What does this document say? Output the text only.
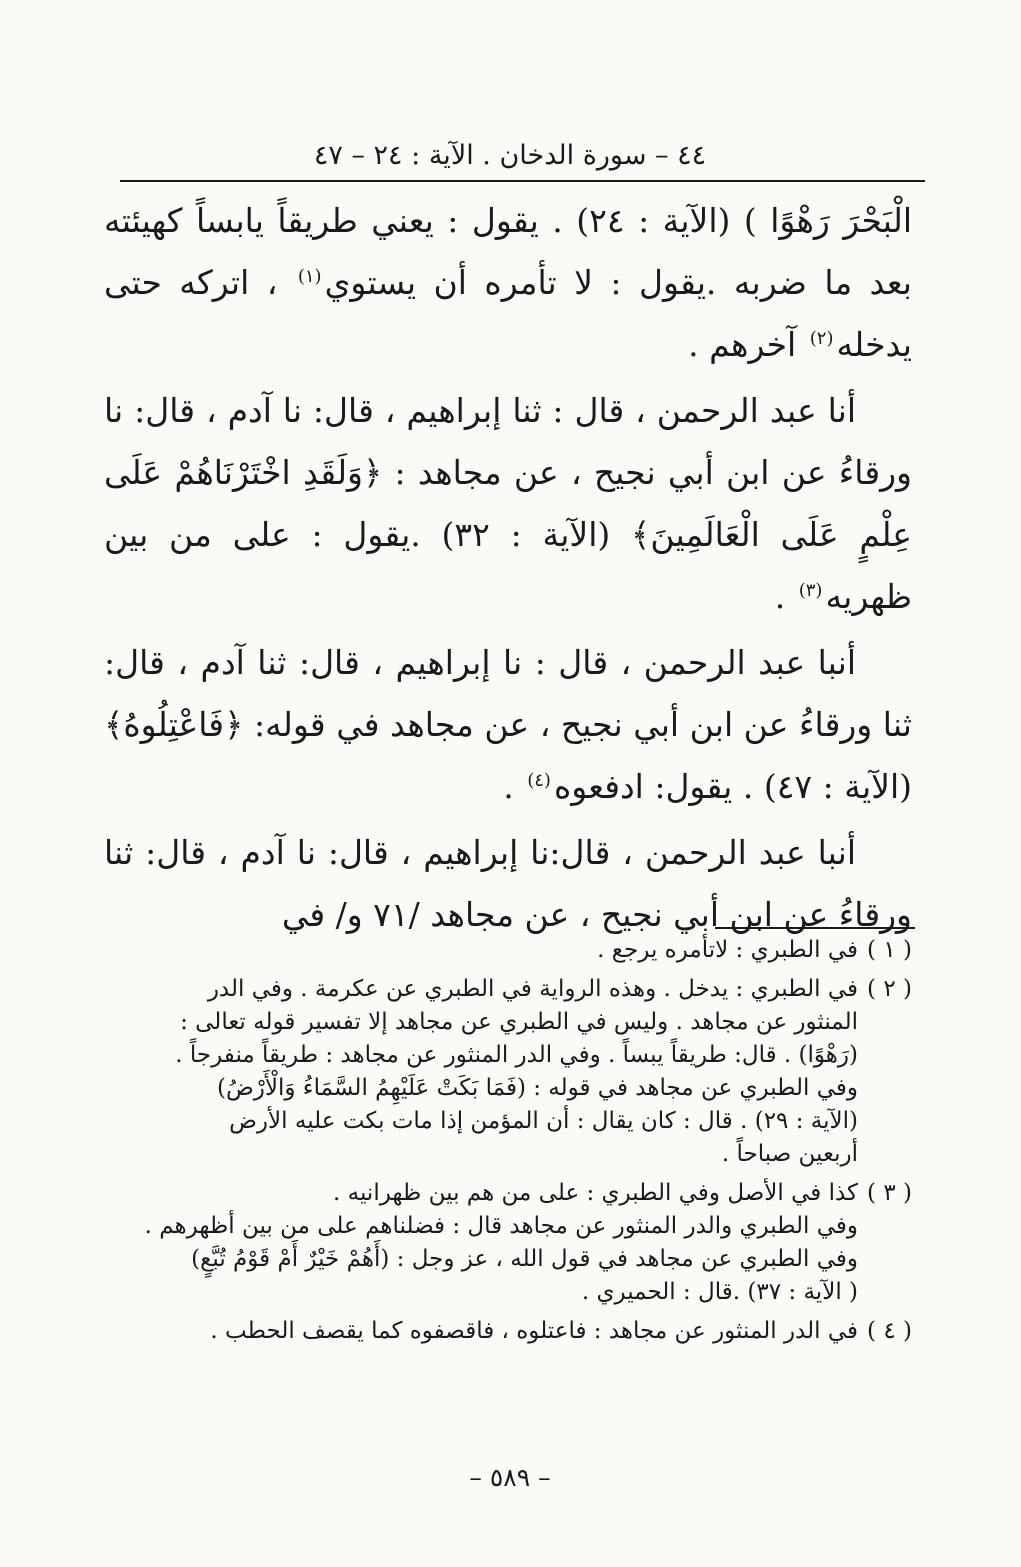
٤٤ – سورة الدخان . الآية : ٢٤ – ٤٧

الْبَحْرَ رَهْوًا ) (الآية : ٢٤) . يقول : يعني طريقاً يابساً كهيئته بعد ما ضربه .يقول : لا تأمره أن يستوي$^{(١)}$ ، اتركه حتى يدخله$^{(٢)}$ آخرهم .

أنا عبد الرحمن ، قال : ثنا إبراهيم ، قال: نا آدم ، قال: نا ورقاءُ عن ابن أبي نجيح ، عن مجاهد : ﴿وَلَقَدِ اخْتَرْنَاهُمْ عَلَى عِلْمٍ عَلَى الْعَالَمِينَ﴾ (الآية : ٣٢) .يقول : على من بين ظهريه$^{(٣)}$ .

أنبا عبد الرحمن ، قال : نا إبراهيم ، قال: ثنا آدم ، قال: ثنا ورقاءُ عن ابن أبي نجيح ، عن مجاهد في قوله: ﴿فَاعْتِلُوهُ﴾ (الآية : ٤٧) . يقول: ادفعوه$^{(٤)}$ .

أنبا عبد الرحمن ، قال:نا إبراهيم ، قال: نا آدم ، قال: ثنا ورقاءُ عن ابن أبي نجيح ، عن مجاهد /٧١ و/ في

( ١ )
في الطبري : لاتأمره يرجع .
( ٢ )
في الطبري : يدخل . وهذه الرواية في الطبري عن عكرمة . وفي الدر
المنثور عن مجاهد . وليس في الطبري عن مجاهد إلا تفسير قوله تعالى :
(رَهْوًا) . قال: طريقاً يبساً . وفي الدر المنثور عن مجاهد : طريقاً منفرجاً .
وفي الطبري عن مجاهد في قوله : (فَمَا بَكَتْ عَلَيْهِمُ السَّمَاءُ وَالْأَرْضُ)
(الآية : ٢٩) . قال : كان يقال : أن المؤمن إذا مات بكت عليه الأرض
أربعين صباحاً .
( ٣ )
كذا في الأصل وفي الطبري : على من هم بين ظهرانيه .
وفي الطبري والدر المنثور عن مجاهد قال : فضلناهم على من بين أظهرهم .
وفي الطبري عن مجاهد في قول الله ، عز وجل : (أَهُمْ خَيْرٌ أَمْ قَوْمُ تُبَّعٍ)
( الآية : ٣٧) .قال : الحميري .
( ٤ )
في الدر المنثور عن مجاهد : فاعتلوه ، فاقصفوه كما يقصف الحطب .
– ٥٨٩ –
